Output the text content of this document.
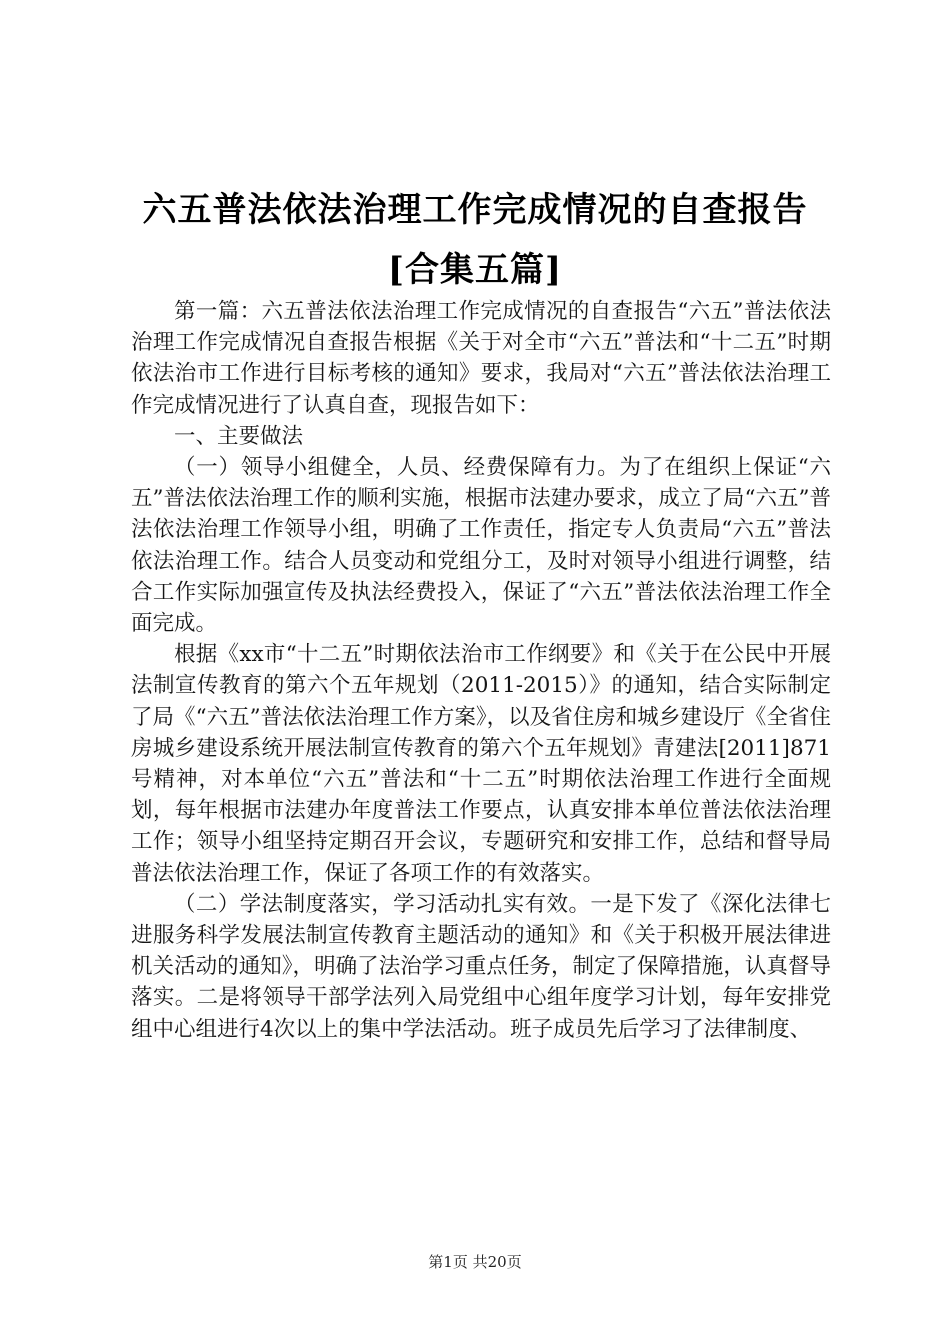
六五普法依法治理工作完成情况的自查报告
[合集五篇]

第一篇：六五普法依法治理工作完成情况的自查报告“六五”普法依法治理工作完成情况自查报告根据《关于对全市“六五”普法和“十二五”时期依法治市工作进行目标考核的通知》要求，我局对“六五”普法依法治理工作完成情况进行了认真自查，现报告如下：

一、主要做法

（一）领导小组健全，人员、经费保障有力。为了在组织上保证“六五”普法依法治理工作的顺利实施，根据市法建办要求，成立了局“六五”普法依法治理工作领导小组，明确了工作责任，指定专人负责局“六五”普法依法治理工作。结合人员变动和党组分工，及时对领导小组进行调整，结合工作实际加强宣传及执法经费投入，保证了“六五”普法依法治理工作全面完成。

根据《xx市“十二五”时期依法治市工作纲要》和《关于在公民中开展法制宣传教育的第六个五年规划（2011-2015）》的通知，结合实际制定了局《“六五”普法依法治理工作方案》，以及省住房和城乡建设厅《全省住房城乡建设系统开展法制宣传教育的第六个五年规划》青建法[2011]871号精神，对本单位“六五”普法和“十二五”时期依法治理工作进行全面规划，每年根据市法建办年度普法工作要点，认真安排本单位普法依法治理工作；领导小组坚持定期召开会议，专题研究和安排工作，总结和督导局普法依法治理工作，保证了各项工作的有效落实。

（二）学法制度落实，学习活动扎实有效。一是下发了《深化法律七进服务科学发展法制宣传教育主题活动的通知》和《关于积极开展法律进机关活动的通知》，明确了法治学习重点任务，制定了保障措施，认真督导落实。二是将领导干部学法列入局党组中心组年度学习计划，每年安排党组中心组进行4次以上的集中学法活动。班子成员先后学习了法律制度、

第1页 共20页
